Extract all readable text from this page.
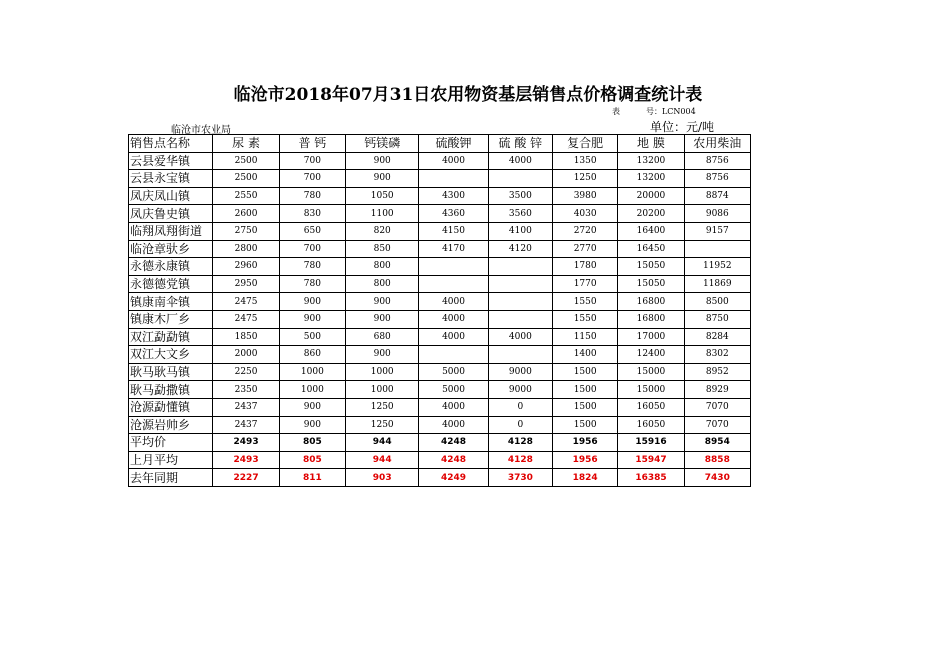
临沧市2018年07月31日农用物资基层销售点价格调查统计表
表	号：LCN004
临沧市农业局	单位：元/吨
销售点名称	尿 素	普 钙	钙镁磷	硫酸钾	硫 酸 锌	复合肥	地 膜	农用柴油
云县爱华镇	2500	700	900	4000	4000	1350	13200	8756
云县永宝镇	2500	700	900			1250	13200	8756
凤庆凤山镇	2550	780	1050	4300	3500	3980	20000	8874
凤庆鲁史镇	2600	830	1100	4360	3560	4030	20200	9086
临翔凤翔街道	2750	650	820	4150	4100	2720	16400	9157
临沧章驮乡	2800	700	850	4170	4120	2770	16450	
永德永康镇	2960	780	800			1780	15050	11952
永德德党镇	2950	780	800			1770	15050	11869
镇康南伞镇	2475	900	900	4000		1550	16800	8500
镇康木厂乡	2475	900	900	4000		1550	16800	8750
双江勐勐镇	1850	500	680	4000	4000	1150	17000	8284
双江大文乡	2000	860	900			1400	12400	8302
耿马耿马镇	2250	1000	1000	5000	9000	1500	15000	8952
耿马勐撒镇	2350	1000	1000	5000	9000	1500	15000	8929
沧源勐懂镇	2437	900	1250	4000	0	1500	16050	7070
沧源岩帅乡	2437	900	1250	4000	0	1500	16050	7070
平均价	2493	805	944	4248	4128	1956	15916	8954
上月平均	2493	805	944	4248	4128	1956	15947	8858
去年同期	2227	811	903	4249	3730	1824	16385	7430
